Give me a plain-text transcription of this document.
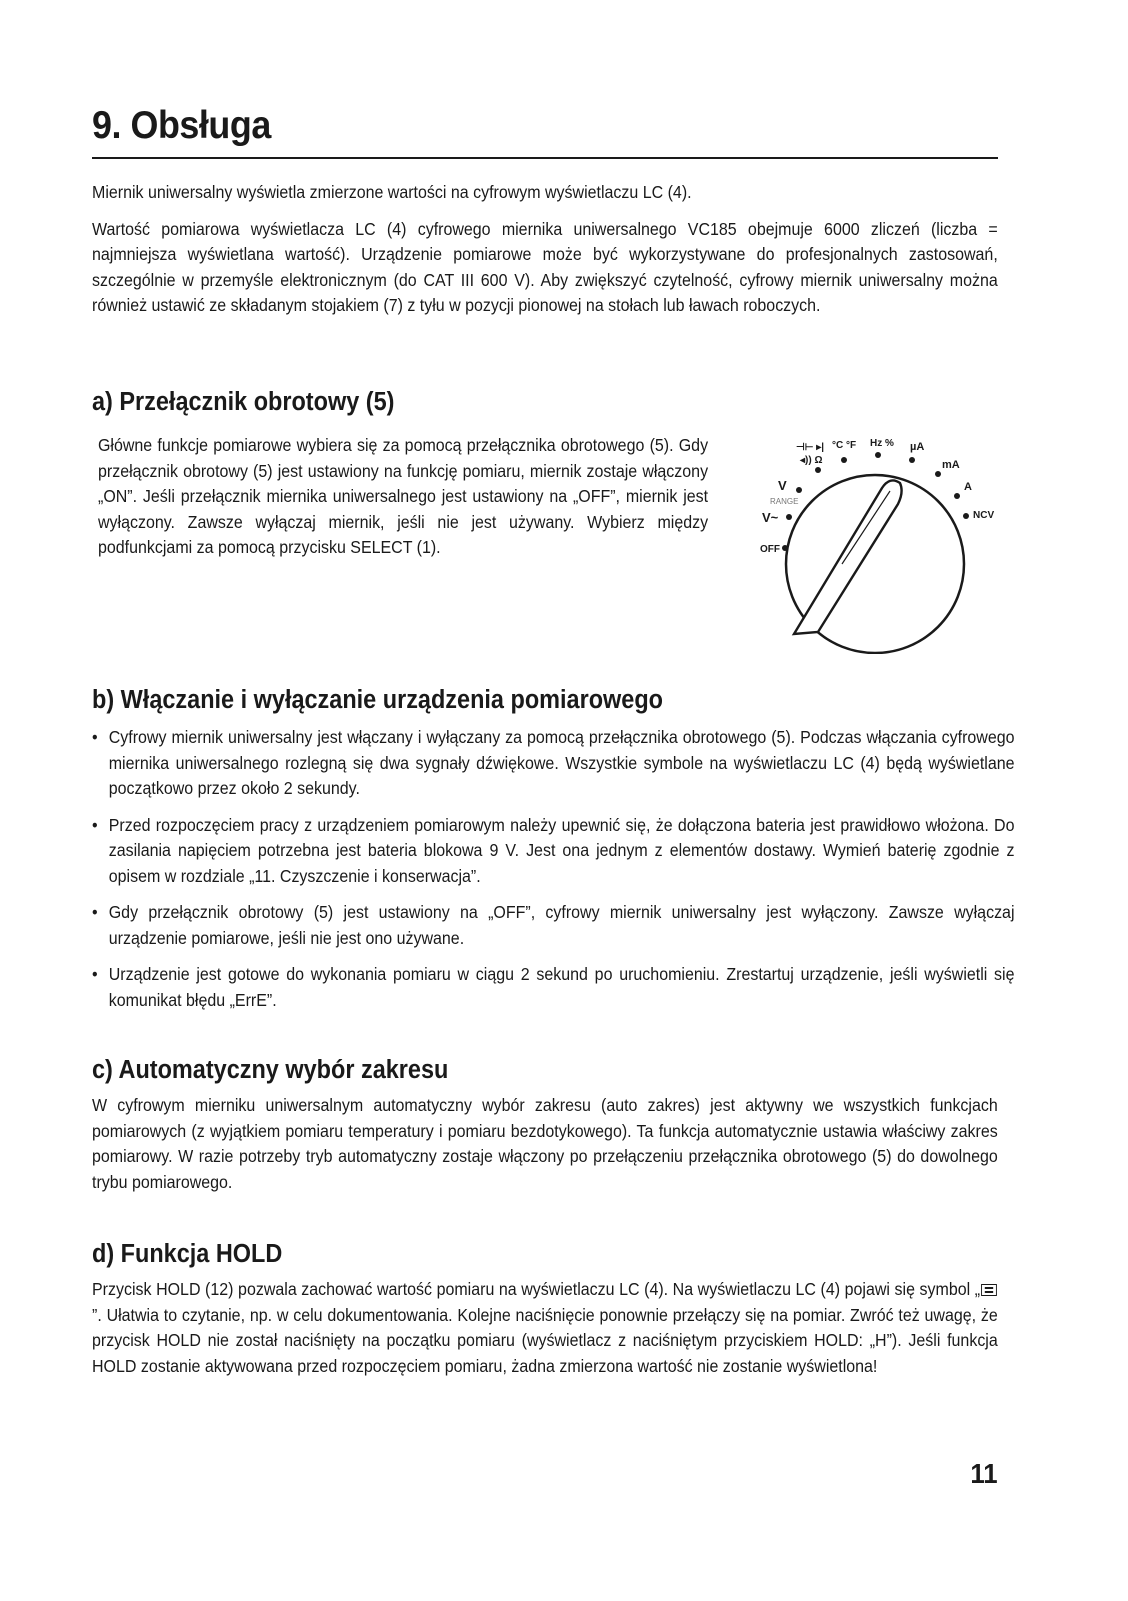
9. Obsługa

Miernik uniwersalny wyświetla zmierzone wartości na cyfrowym wyświetlaczu LC (4).

Wartość pomiarowa wyświetlacza LC (4) cyfrowego miernika uniwersalnego VC185 obejmuje 6000 zliczeń (liczba = najmniejsza wyświetlana wartość). Urządzenie pomiarowe może być wykorzystywane do profesjonalnych zastosowań, szczególnie w przemyśle elektronicznym (do CAT III 600 V). Aby zwiększyć czytelność, cyfrowy miernik uniwersalny można również ustawić ze składanym stojakiem (7) z tyłu w pozycji pionowej na stołach lub ławach roboczych.

a) Przełącznik obrotowy (5)

Główne funkcje pomiarowe wybiera się za pomocą przełącznika obrotowego (5). Gdy przełącznik obrotowy (5) jest ustawiony na funkcję pomiaru, miernik zostaje włączony „ON”. Jeśli przełącznik miernika uniwersalnego jest ustawiony na „OFF”, miernik jest wyłączony. Zawsze wyłączaj miernik, jeśli nie jest używany. Wybierz między podfunkcjami za pomocą przycisku SELECT (1).

⊣⊢ ▸|
◂)) Ω
°C °F Hz % µA
mA
A
NCV
V
RANGE
V~
OFF
b) Włączanie i wyłączanie urządzenia pomiarowego
• Cyfrowy miernik uniwersalny jest włączany i wyłączany za pomocą przełącznika obrotowego (5). Podczas włączania cyfrowego miernika uniwersalnego rozlegną się dwa sygnały dźwiękowe. Wszystkie symbole na wyświetlaczu LC (4) będą wyświetlane początkowo przez około 2 sekundy.
• Przed rozpoczęciem pracy z urządzeniem pomiarowym należy upewnić się, że dołączona bateria jest prawidłowo włożona. Do zasilania napięciem potrzebna jest bateria blokowa 9 V. Jest ona jednym z elementów dostawy. Wymień baterię zgodnie z opisem w rozdziale „11. Czyszczenie i konserwacja”.
• Gdy przełącznik obrotowy (5) jest ustawiony na „OFF”, cyfrowy miernik uniwersalny jest wyłączony. Zawsze wyłączaj urządzenie pomiarowe, jeśli nie jest ono używane.
• Urządzenie jest gotowe do wykonania pomiaru w ciągu 2 sekund po uruchomieniu. Zrestartuj urządzenie, jeśli wyświetli się komunikat błędu „ErrE”.
c) Automatyczny wybór zakresu

W cyfrowym mierniku uniwersalnym automatyczny wybór zakresu (auto zakres) jest aktywny we wszystkich funkcjach pomiarowych (z wyjątkiem pomiaru temperatury i pomiaru bezdotykowego). Ta funkcja automatycznie ustawia właściwy zakres pomiarowy. W razie potrzeby tryb automatyczny zostaje włączony po przełączeniu przełącznika obrotowego (5) do dowolnego trybu pomiarowego.

d) Funkcja HOLD

Przycisk HOLD (12) pozwala zachować wartość pomiaru na wyświetlaczu LC (4). Na wyświetlaczu LC (4) pojawi się symbol „
”. Ułatwia to czytanie, np. w celu dokumentowania. Kolejne naciśnięcie ponownie przełączy się na pomiar. Zwróć też uwagę, że przycisk HOLD nie został naciśnięty na początku pomiaru (wyświetlacz z naciśniętym przyciskiem HOLD: „H”). Jeśli funkcja HOLD zostanie aktywowana przed rozpoczęciem pomiaru, żadna zmierzona wartość nie zostanie wyświetlona!

11
